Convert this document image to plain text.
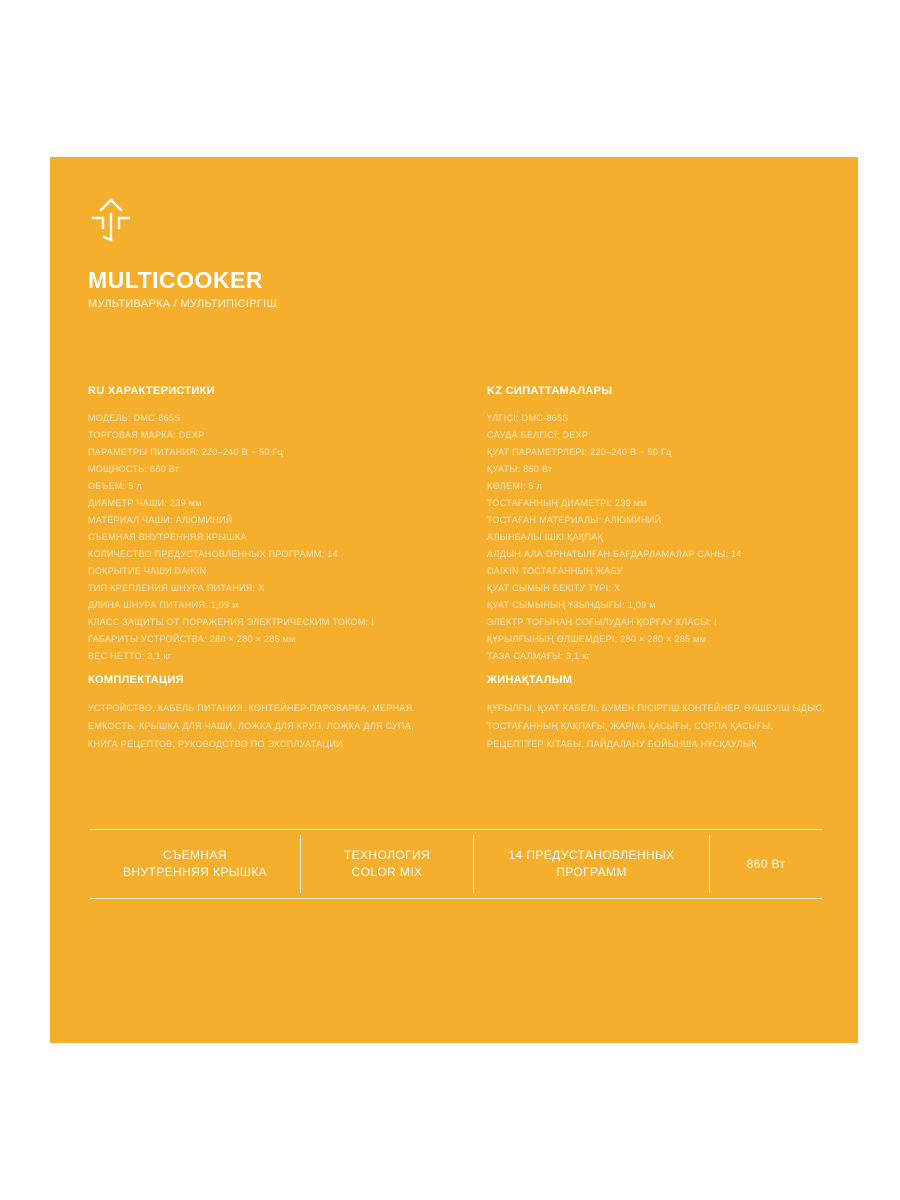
MULTICOOKER
МУЛЬТИВАРКА / МУЛЬТИПІСІРГІШ
RU ХАРАКТЕРИСТИКИ
МОДЕЛЬ: DMC-865S
ТОРГОВАЯ МАРКА: DEXP
ПАРАМЕТРЫ ПИТАНИЯ: 220–240 В ~ 50 Гц
МОЩНОСТЬ: 860 Вт
ОБЪЕМ: 5 л
ДИАМЕТР ЧАШИ: 239 мм
МАТЕРИАЛ ЧАШИ: АЛЮМИНИЙ
СЪЕМНАЯ ВНУТРЕННЯЯ КРЫШКА
КОЛИЧЕСТВО ПРЕДУСТАНОВЛЕННЫХ ПРОГРАММ: 14
ПОКРЫТИЕ ЧАШИ DAIKIN
ТИП КРЕПЛЕНИЯ ШНУРА ПИТАНИЯ: X
ДЛИНА ШНУРА ПИТАНИЯ: 1,09 м
КЛАСС ЗАЩИТЫ ОТ ПОРАЖЕНИЯ ЭЛЕКТРИЧЕСКИМ ТОКОМ: I
ГАБАРИТЫ УСТРОЙСТВА: 280 × 280 × 285 мм
ВЕС НЕТТО: 3,1 кг
КОМПЛЕКТАЦИЯ
УСТРОЙСТВО, КАБЕЛЬ ПИТАНИЯ, КОНТЕЙНЕР-ПАРОВАРКА, МЕРНАЯ ЕМКОСТЬ, КРЫШКА ДЛЯ ЧАШИ, ЛОЖКА ДЛЯ КРУП, ЛОЖКА ДЛЯ СУПА, КНИГА РЕЦЕПТОВ, РУКОВОДСТВО ПО ЭКСПЛУАТАЦИИ
KZ СИПАТТАМАЛАРЫ
ҮЛГІСІ: DMC-865S
САУДА БЕЛГІСІ: DEXP
ҚУАТ ПАРАМЕТРЛЕРІ: 220–240 В ~ 50 Гц
ҚУАТЫ: 860 Вт
КӨЛЕМІ: 5 л
ТОСТАҒАННЫҢ ДИАМЕТРІ: 239 мм
ТОСТАҒАН МАТЕРИАЛЫ: АЛЮМИНИЙ
АЛЫНБАЛЫ ІШКІ ҚАҚПАҚ
АЛДЫН АЛА ОРНАТЫЛҒАН БАҒДАРЛАМАЛАР САНЫ: 14
DAIKIN ТОСТАҒАННЫҢ ЖАБУ
ҚУАТ СЫМЫН БЕКІТУ ТҮРІ: X
ҚУАТ СЫМЫНЫҢ ҰЗЫНДЫҒЫ: 1,09 м
ЭЛЕКТР ТОҒЫНАН СОҒЫЛУДАН ҚОРҒАУ КЛАСЫ: I
ҚҰРЫЛҒЫНЫҢ ӨЛШЕМДЕРІ: 280 × 280 × 285 мм
ТАЗА САЛМАҒЫ: 3,1 кг
ЖИНАҚТАЛЫМ
ҚҰРЫЛҒЫ, ҚУАТ КАБЕЛІ, БУМЕН ПІСІРГІШ КОНТЕЙНЕР, ӨЛШЕУІШ ЫДЫС, ТОСТАҒАННЫҢ ҚАҚПАҒЫ, ЖАРМА ҚАСЫҒЫ, СОРПА ҚАСЫҒЫ, РЕЦЕПТТЕР КІТАБЫ, ПАЙДАЛАНУ БОЙЫНША НҰСҚАУЛЫҚ
СЪЕМНАЯ
ВНУТРЕННЯЯ КРЫШКА
ТЕХНОЛОГИЯ
COLOR MIX
14 ПРЕДУСТАНОВЛЕННЫХ
ПРОГРАММ
860 Вт
